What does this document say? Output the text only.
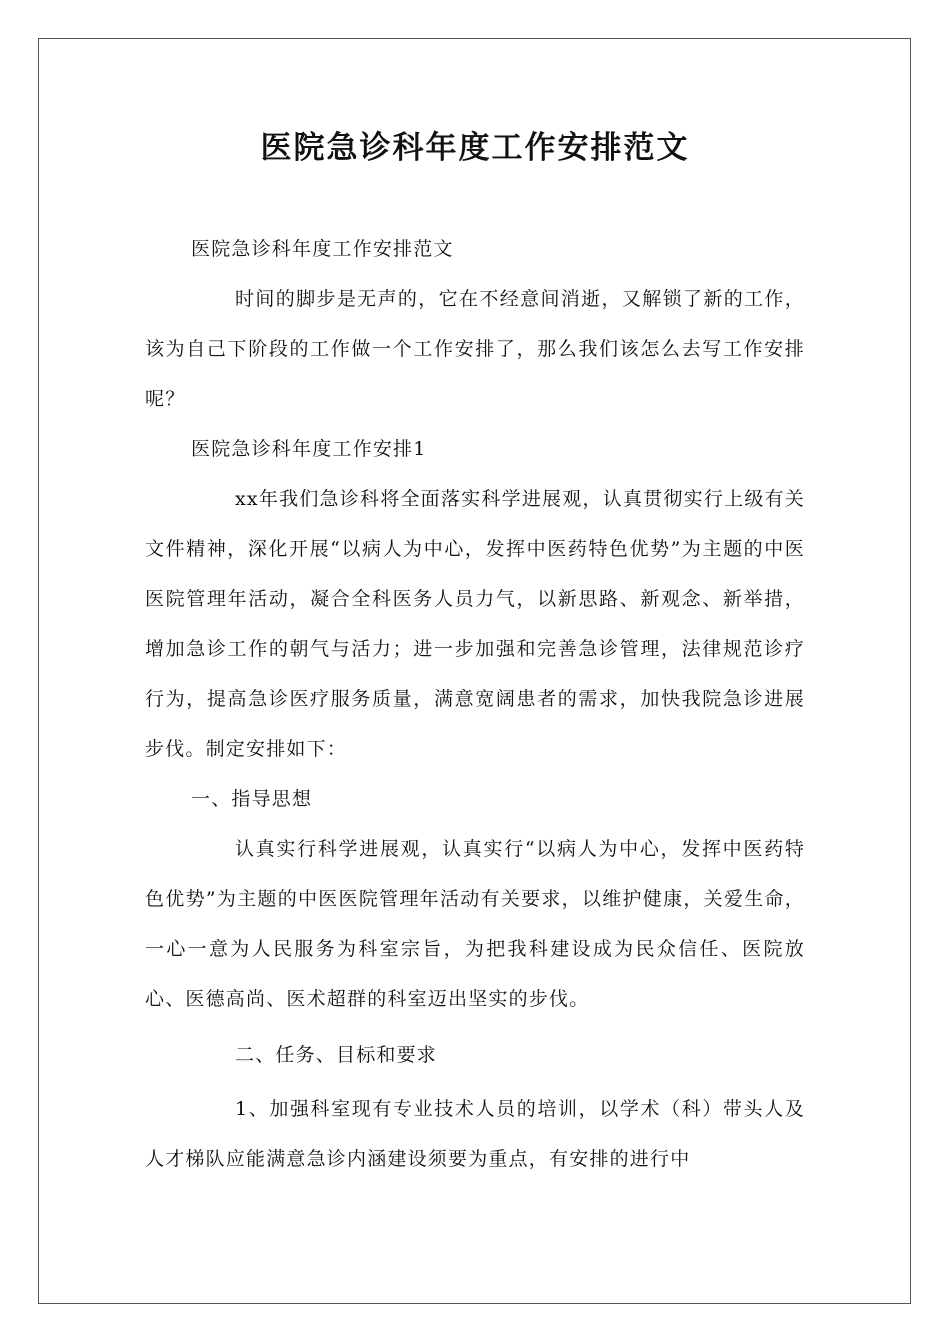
医院急诊科年度工作安排范文

医院急诊科年度工作安排范文

时间的脚步是无声的，它在不经意间消逝，又解锁了新的工作，该为自己下阶段的工作做一个工作安排了，那么我们该怎么去写工作安排呢？

医院急诊科年度工作安排1

xx年我们急诊科将全面落实科学进展观，认真贯彻实行上级有关文件精神，深化开展“以病人为中心，发挥中医药特色优势”为主题的中医医院管理年活动，凝合全科医务人员力气，以新思路、新观念、新举措，增加急诊工作的朝气与活力；进一步加强和完善急诊管理，法律规范诊疗行为，提高急诊医疗服务质量，满意宽阔患者的需求，加快我院急诊进展步伐。制定安排如下：

一、指导思想

认真实行科学进展观，认真实行“以病人为中心，发挥中医药特色优势”为主题的中医医院管理年活动有关要求，以维护健康，关爱生命，一心一意为人民服务为科室宗旨，为把我科建设成为民众信任、医院放心、医德高尚、医术超群的科室迈出坚实的步伐。

二、任务、目标和要求

1、加强科室现有专业技术人员的培训，以学术（科）带头人及人才梯队应能满意急诊内涵建设须要为重点，有安排的进行中
